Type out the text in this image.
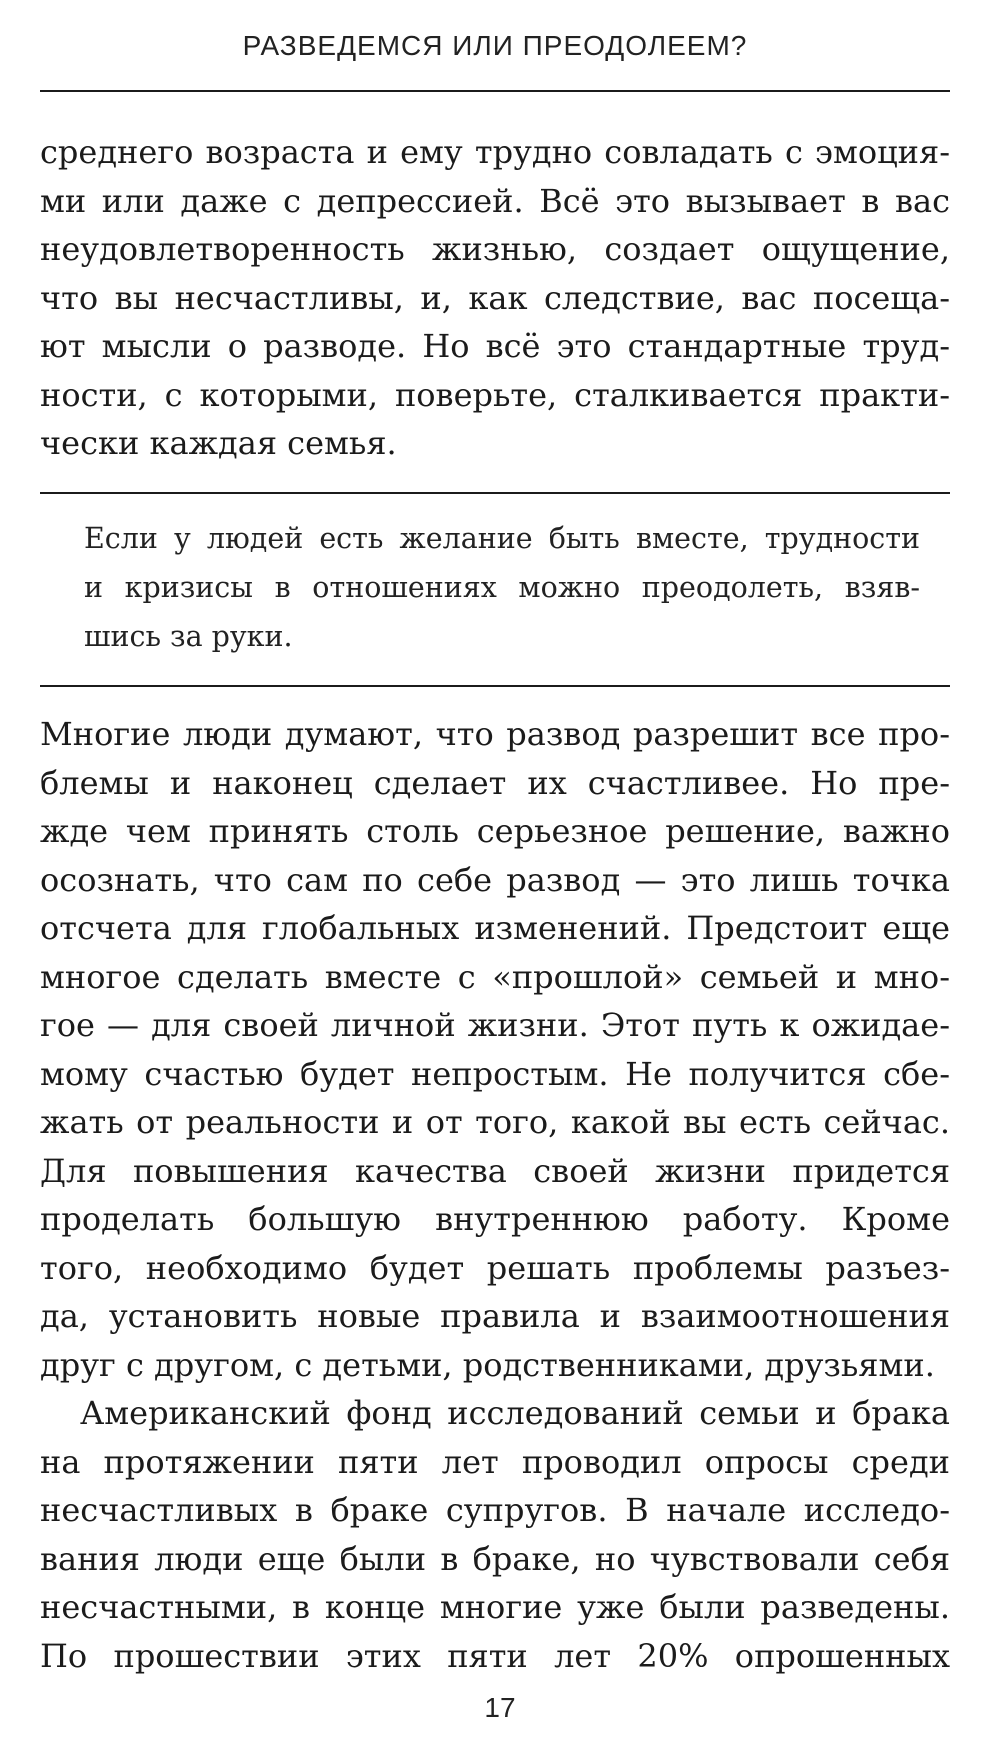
РАЗВЕДЕМСЯ ИЛИ ПРЕОДОЛЕЕМ?
среднего возраста и ему трудно совладать с эмоция-
ми или даже с депрессией. Всё это вызывает в вас
неудовлетворенность жизнью, создает ощущение,
что вы несчастливы, и, как следствие, вас посеща-
ют мысли о разводе. Но всё это стандартные труд-
ности, с которыми, поверьте, сталкивается практи-
чески каждая семья.
Если у людей есть желание быть вместе, трудности
и кризисы в отношениях можно преодолеть, взяв-
шись за руки.
Многие люди думают, что развод разрешит все про-
блемы и наконец сделает их счастливее. Но пре-
жде чем принять столь серьезное решение, важно
осознать, что сам по себе развод — это лишь точка
отсчета для глобальных изменений. Предстоит еще
многое сделать вместе с «прошлой» семьей и мно-
гое — для своей личной жизни. Этот путь к ожидае-
мому счастью будет непростым. Не получится сбе-
жать от реальности и от того, какой вы есть сейчас.
Для повышения качества своей жизни придется
проделать большую внутреннюю работу. Кроме
того, необходимо будет решать проблемы разъез-
да, установить новые правила и взаимоотношения
друг с другом, с детьми, родственниками, друзьями.
Американский фонд исследований семьи и брака
на протяжении пяти лет проводил опросы среди
несчастливых в браке супругов. В начале исследо-
вания люди еще были в браке, но чувствовали себя
несчастными, в конце многие уже были разведены.
По прошествии этих пяти лет 20% опрошенных
17
